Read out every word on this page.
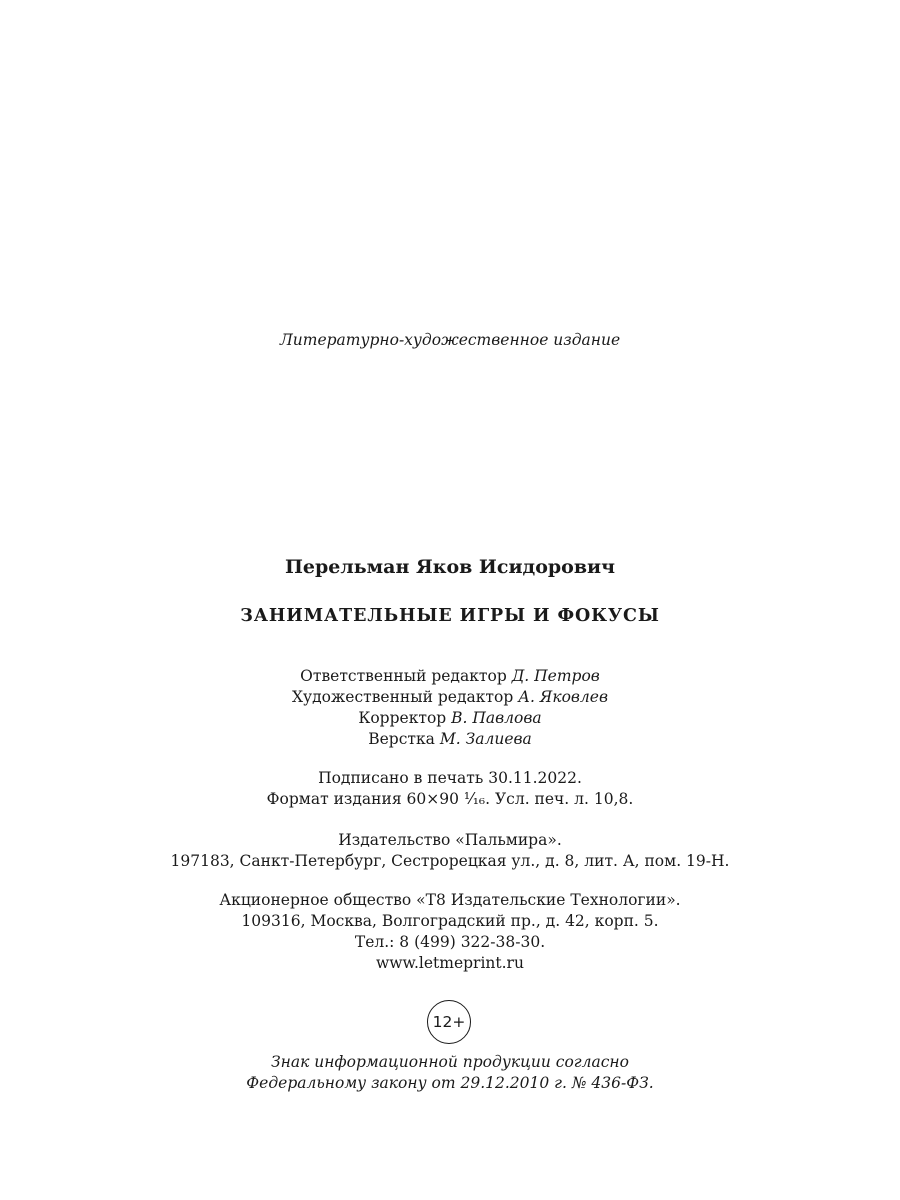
Литературно-художественное издание
Перельман Яков Исидорович
ЗАНИМАТЕЛЬНЫЕ ИГРЫ И ФОКУСЫ
Ответственный редактор Д. Петров
Художественный редактор А. Яковлев
Корректор В. Павлова
Верстка М. Залиева
Подписано в печать 30.11.2022.
Формат издания 60×90 ¹⁄₁₆. Усл. печ. л. 10,8.
Издательство «Пальмира».
197183, Санкт-Петербург, Сестрорецкая ул., д. 8, лит. А, пом. 19-Н.
Акционерное общество «Т8 Издательские Технологии».
109316, Москва, Волгоградский пр., д. 42, корп. 5.
Тел.: 8 (499) 322-38-30.
www.letmeprint.ru
12+
Знак информационной продукции согласно
Федеральному закону от 29.12.2010 г. № 436-ФЗ.
